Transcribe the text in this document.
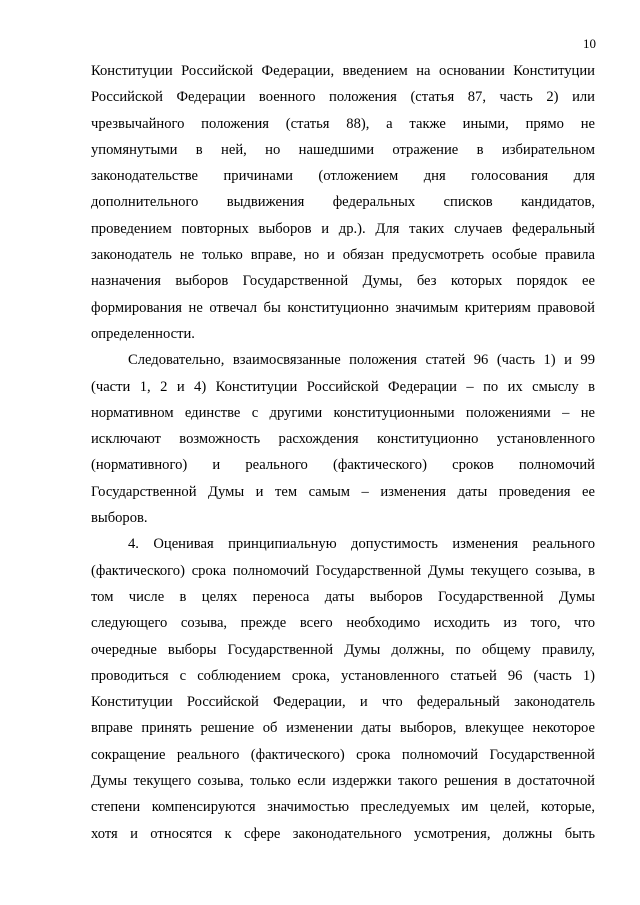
10
Конституции Российской Федерации, введением на основании Конституции
Российской Федерации военного положения (статья 87, часть 2) или
чрезвычайного положения (статья 88), а также иными, прямо не
упомянутыми в ней, но нашедшими отражение в избирательном
законодательстве причинами (отложением дня голосования для
дополнительного выдвижения федеральных списков кандидатов,
проведением повторных выборов и др.). Для таких случаев федеральный
законодатель не только вправе, но и обязан предусмотреть особые правила
назначения выборов Государственной Думы, без которых порядок ее
формирования не отвечал бы конституционно значимым критериям правовой
определенности.
Следовательно, взаимосвязанные положения статей 96 (часть 1) и 99
(части 1, 2 и 4) Конституции Российской Федерации – по их смыслу в
нормативном единстве с другими конституционными положениями – не
исключают возможность расхождения конституционно установленного
(нормативного) и реального (фактического) сроков полномочий
Государственной Думы и тем самым – изменения даты проведения ее
выборов.
4. Оценивая принципиальную допустимость изменения реального
(фактического) срока полномочий Государственной Думы текущего созыва, в
том числе в целях переноса даты выборов Государственной Думы
следующего созыва, прежде всего необходимо исходить из того, что
очередные выборы Государственной Думы должны, по общему правилу,
проводиться с соблюдением срока, установленного статьей 96 (часть 1)
Конституции Российской Федерации, и что федеральный законодатель
вправе принять решение об изменении даты выборов, влекущее некоторое
сокращение реального (фактического) срока полномочий Государственной
Думы текущего созыва, только если издержки такого решения в достаточной
степени компенсируются значимостью преследуемых им целей, которые,
хотя и относятся к сфере законодательного усмотрения, должны быть
